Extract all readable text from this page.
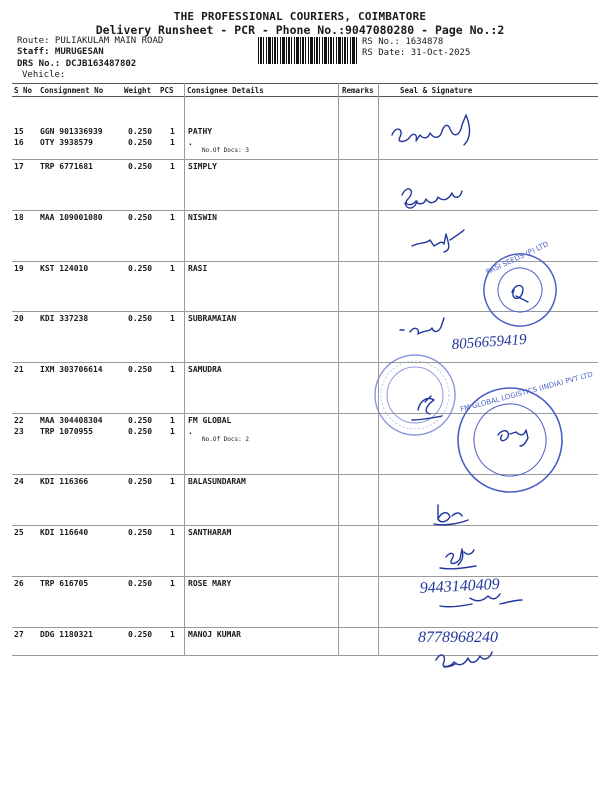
THE PROFESSIONAL COURIERS, COIMBATORE
Delivery Runsheet - PCR - Phone No.:9047080280 - Page No.:2
Route: PULIAKULAM MAIN ROAD
Staff: MURUGESAN
DRS No.: DCJB163487802
Vehicle:
RS No.: 1634878
RS Date: 31-Oct-2025
S No Consignment No	Weight PCS Consignee Details	Remarks	Seal & Signature
15 GGN 901336939	0.250 1 PATHY
16 OTY 3938579	0.250 1 .
No.Of Docs: 3
17 TRP 6771681	0.250 1 SIMPLY
18 MAA 109001080	0.250 1 NISWIN
19 KST 124010	0.250 1 RASI
20 KDI 337238	0.250 1 SUBRAMAIAN
21 IXM 303706614	0.250 1 SAMUDRA
22 MAA 304408304	0.250 1 FM GLOBAL
23 TRP 1070955	0.250 1 .
No.Of Docs: 2
24 KDI 116366	0.250 1 BALASUNDARAM
25 KDI 116640	0.250 1 SANTHARAM
26 TRP 616705	0.250 1 ROSE MARY
27 DDG 1180321	0.250 1 MANOJ KUMAR
RASI SEEDS (P) LTD
8056659419
FM GLOBAL LOGISTICS (INDIA) PVT LTD
9443140409
8778968240
